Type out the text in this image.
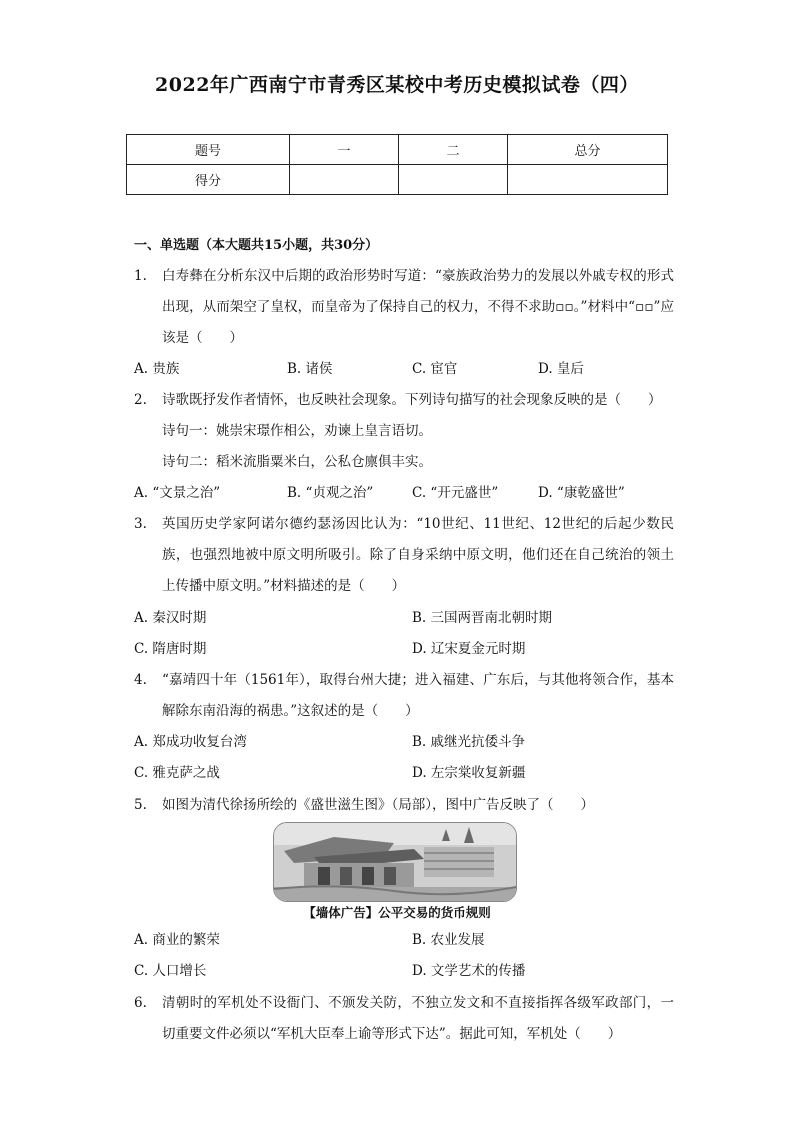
2022年广西南宁市青秀区某校中考历史模拟试卷（四）
题号	一	二	总分
得分			
一、单选题（本大题共15小题，共30分）
1. 白寿彝在分析东汉中后期的政治形势时写道：“豪族政治势力的发展以外戚专权的形式出现，从而架空了皇权，而皇帝为了保持自己的权力，不得不求助▫▫。”材料中“▫▫”应该是（　　）
A. 贵族	B. 诸侯	C. 宦官	D. 皇后
2. 诗歌既抒发作者情怀，也反映社会现象。下列诗句描写的社会现象反映的是（　　）
诗句一：姚崇宋璟作相公，劝谏上皇言语切。
诗句二：稻米流脂粟米白，公私仓廪俱丰实。
A. “文景之治”	B. “贞观之治”	C. “开元盛世”	D. “康乾盛世”
3. 英国历史学家阿诺尔德约瑟汤因比认为：“10世纪、11世纪、12世纪的后起少数民族，也强烈地被中原文明所吸引。除了自身采纳中原文明，他们还在自己统治的领土上传播中原文明。”材料描述的是（　　）
A. 秦汉时期	B. 三国两晋南北朝时期
C. 隋唐时期	D. 辽宋夏金元时期
4. “嘉靖四十年（1561年），取得台州大捷；进入福建、广东后，与其他将领合作，基本解除东南沿海的祸患。”这叙述的是（　　）
A. 郑成功收复台湾	B. 戚继光抗倭斗争
C. 雅克萨之战	D. 左宗棠收复新疆
5. 如图为清代徐扬所绘的《盛世滋生图》（局部），图中广告反映了（　　）
【墙体广告】公平交易的货币规则
A. 商业的繁荣	B. 农业发展
C. 人口增长	D. 文学艺术的传播
6. 清朝时的军机处不设衙门、不颁发关防，不独立发文和不直接指挥各级军政部门，一切重要文件必须以“军机大臣奉上谕等形式下达”。据此可知，军机处（　　）
